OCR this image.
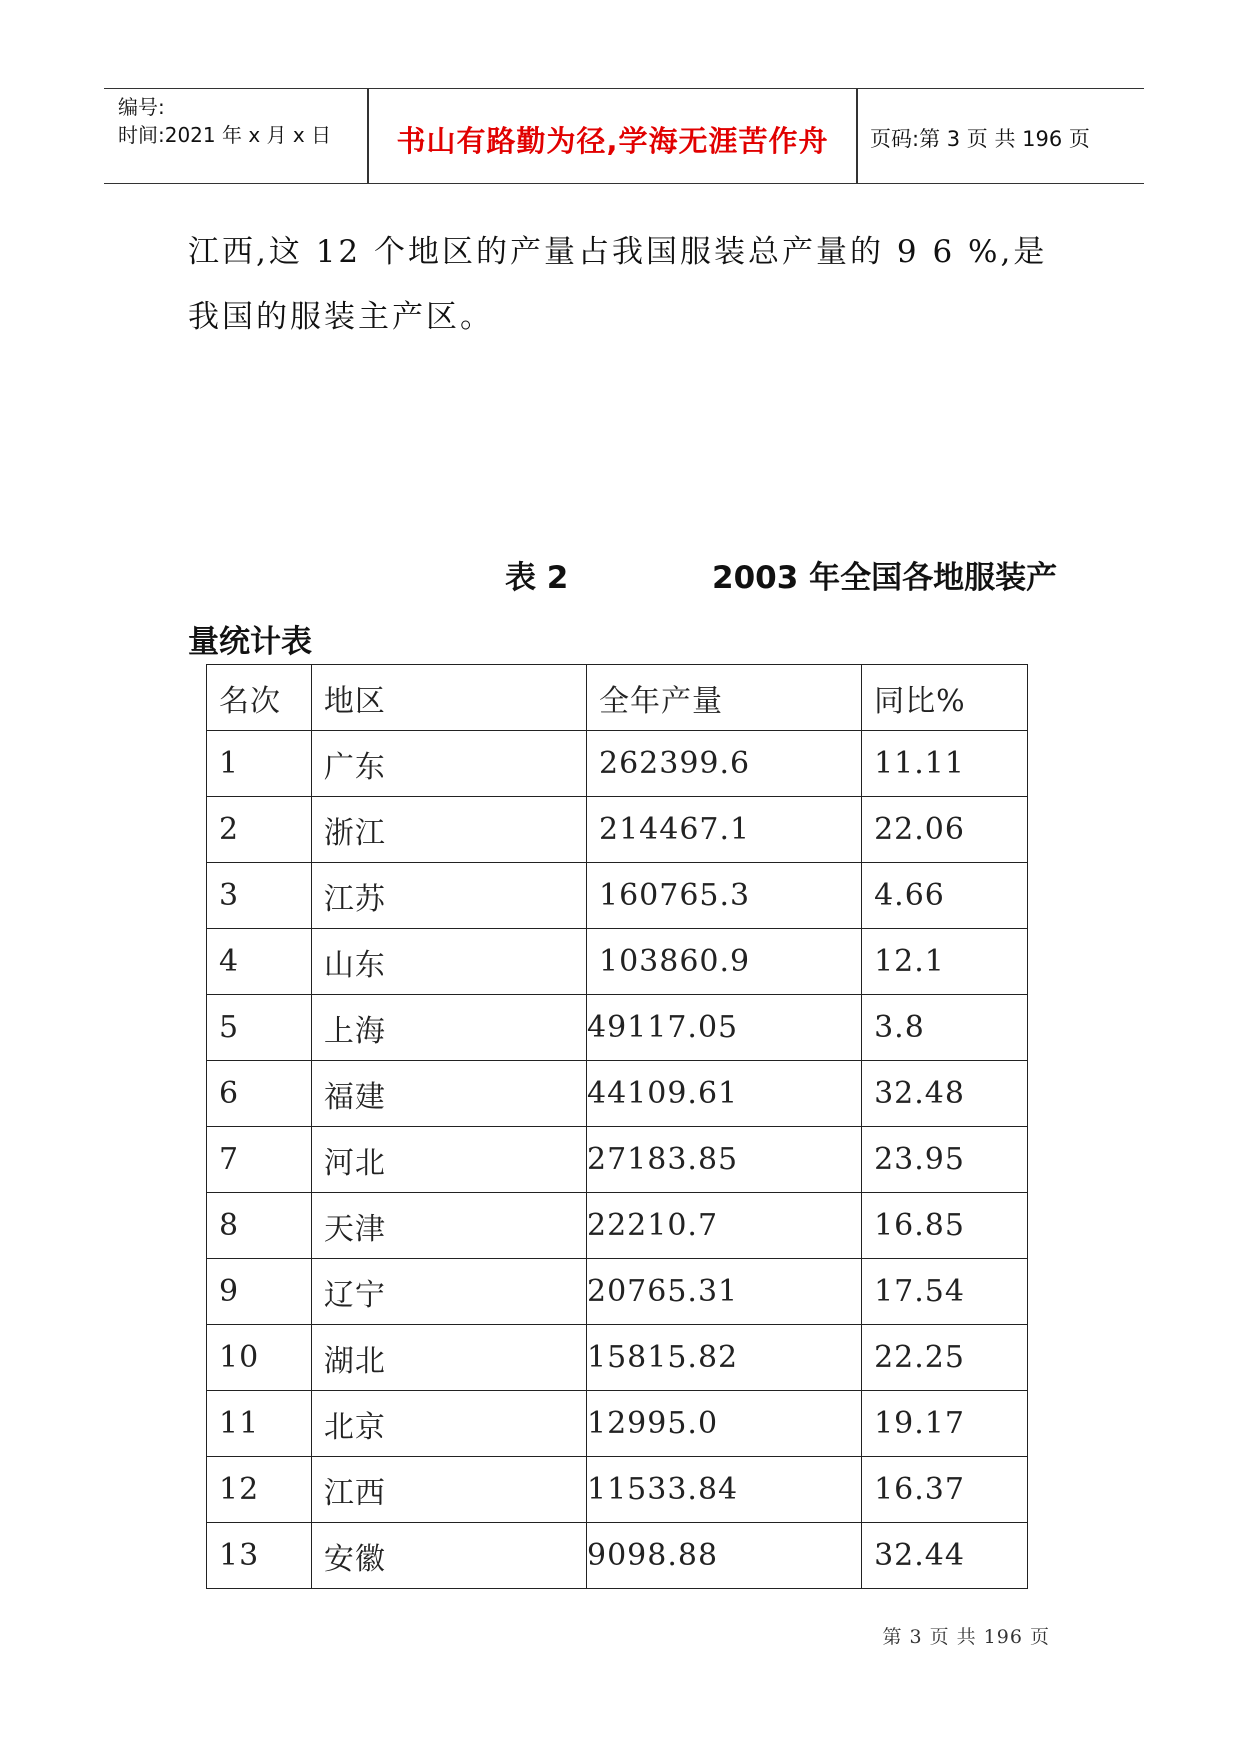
编号:
时间:2021 年 x 月 x 日	书山有路勤为径,学海无涯苦作舟	页码:第 3 页 共 196 页
江西,这 12 个地区的产量占我国服装总产量的 9 6 %,是
我国的服装主产区。
表 2	2003 年全国各地服装产
量统计表
名次	地区	全年产量	同比%
1	广东	262399.6	11.11
2	浙江	214467.1	22.06
3	江苏	160765.3	4.66
4	山东	103860.9	12.1
5	上海	49117.05	3.8
6	福建	44109.61	32.48
7	河北	27183.85	23.95
8	天津	22210.7	16.85
9	辽宁	20765.31	17.54
10	湖北	15815.82	22.25
11	北京	12995.0	19.17
12	江西	11533.84	16.37
13	安徽	9098.88	32.44
第 3 页 共 196 页
